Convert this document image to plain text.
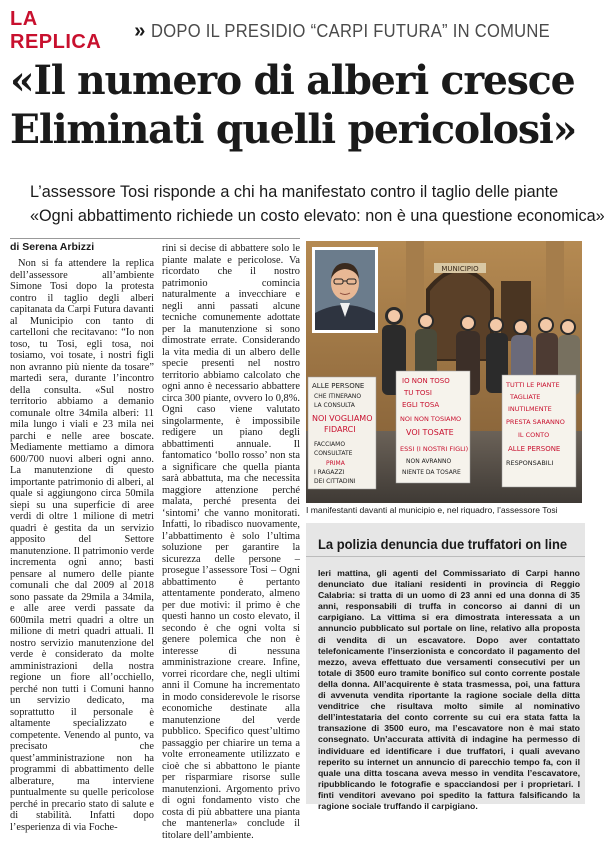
LA REPLICA
» DOPO IL PRESIDIO “CARPI FUTURA” IN COMUNE
«Il numero di alberi cresce
Eliminati quelli pericolosi»
L’assessore Tosi risponde a chi ha manifestato contro il taglio delle piante
«Ogni abbattimento richiede un costo elevato: non è una questione economica»
di Serena Arbizzi
Non si fa attendere la replica dell’assessore all’ambiente Simone Tosi dopo la protesta contro il taglio degli alberi capitanata da Carpi Futura davanti al Municipio con tanto di cartelloni che recitavano: “Io non toso, tu Tosi, egli tosa, noi tosiamo, voi tosate, i nostri figli non avranno più niente da tosare” martedì sera, durante l’incontro della consulta. «Sul nostro territorio abbiamo a demanio comunale oltre 34mila alberi: 11 mila lungo i viali e 23 mila nei parchi e nelle aree boscate. Mediamente mettiamo a dimora 600/700 nuovi alberi ogni anno. La manutenzione di questo importante patrimonio di alberi, al quale si aggiungono circa 50mila siepi su una superficie di aree verdi di oltre 1 milione di metri quadri è gestita da un servizio apposito del Settore manutenzione. Il patrimonio verde incrementa ogni anno; basti pensare al numero delle piante comunali che dal 2009 al 2018 sono passate da 29mila a 34mila, e alle aree verdi passate da 600mila metri quadri a oltre un milione di metri quadri attuali. Il nostro servizio manutenzione del verde è considerato da molte amministrazioni della nostra regione un fiore all’occhiello, perché non tutti i Comuni hanno un servizio dedicato, ma soprattutto il personale è altamente specializzato e competente. Venendo al punto, va precisato che quest’amministrazione non ha programmi di abbattimento delle alberature, ma interviene puntualmente su quelle pericolose perché in precario stato di salute e di stabilità. Infatti dopo l’esperienza di via Foche-
rini si decise di abbattere solo le piante malate e pericolose. Va ricordato che il nostro patrimonio comincia naturalmente a invecchiare e negli anni passati alcune tecniche comunemente adottate per la manutenzione si sono dimostrate errate. Considerando la vita media di un albero delle specie presenti nel nostro territorio abbiamo calcolato che ogni anno è necessario abbattere circa 300 piante, ovvero lo 0,8%. Ogni caso viene valutato singolarmente, è impossibile redigere un piano degli abbattimenti annuale. Il fantomatico ‘bollo rosso’ non sta a significare che quella pianta sarà abbattuta, ma che necessita maggiore attenzione perché malata, perché presenta dei ‘sintomi’ che vanno monitorati. Infatti, lo ribadisco nuovamente, l’abbattimento è solo l’ultima soluzione per garantire la sicurezza delle persone – prosegue l’assessore Tosi – Ogni abbattimento è pertanto attentamente ponderato, almeno per due motivi: il primo è che questi hanno un costo elevato, il secondo è che ogni volta si genere polemica che non è interesse di nessuna amministrazione creare. Infine, vorrei ricordare che, negli ultimi anni il Comune ha incrementato in modo considerevole le risorse economiche destinate alla manutenzione del verde pubblico. Specifico quest’ultimo passaggio per chiarire un tema a volte erroneamente utilizzato e cioè che si abbattono le piante per risparmiare risorse sulle manutenzioni. Argomento privo di ogni fondamento visto che costa di più abbattere una pianta che mantenerla» conclude il titolare dell’ambiente.
MUNICIPIO
ALLE PERSONE CHE ITINERANO LA CONSULTA NOI VOGLIAMO FIDARCI FACCIAMO CONSULTATE PRIMA I RAGAZZI DEI CITTADINI
IO NON TOSO TU TOSI EGLI TOSA NOI NON TOSIAMO VOI TOSATE ESSI (I NOSTRI FIGLI) NON AVRANNO NIENTE DA TOSARE
TUTTI LE PIANTE TAGLIATE INUTILMENTE PRESTA SARANNO IL CONTO ALLE PERSONE RESPONSABILI
I manifestanti davanti al municipio e, nel riquadro, l’assessore Tosi
La polizia denuncia due truffatori on line
Ieri mattina, gli agenti del Commissariato di Carpi hanno denunciato due italiani residenti in provincia di Reggio Calabria: si tratta di un uomo di 23 anni ed una donna di 35 anni, responsabili di truffa in concorso ai danni di un carpigiano. La vittima si era dimostrata interessata a un annuncio pubblicato sul portale on line, relativo alla proposta di vendita di un escavatore. Dopo aver contattato telefonicamente l’inserzionista e concordato il pagamento del mezzo, aveva effettuato due versamenti consecutivi per un totale di 3500 euro tramite bonifico sul conto corrente postale della donna. All’acquirente è stata trasmessa, poi, una fattura di avvenuta vendita riportante la ragione sociale della ditta venditrice che risultava molto simile al nominativo dell’intestataria del conto corrente su cui era stata fatta la transazione di 3500 euro, ma l’escavatore non è mai stato consegnato. Un’accurata attività di indagine ha permesso di individuare ed identificare i due truffatori, i quali avevano reperito su internet un annuncio di parecchio tempo fa, con il quale una ditta toscana aveva messo in vendita l’escavatore, ripubblicando le fotografie e spacciandosi per i proprietari. I finti venditori avevano poi spedito la fattura falsificando la ragione sociale truffando il carpigiano.
